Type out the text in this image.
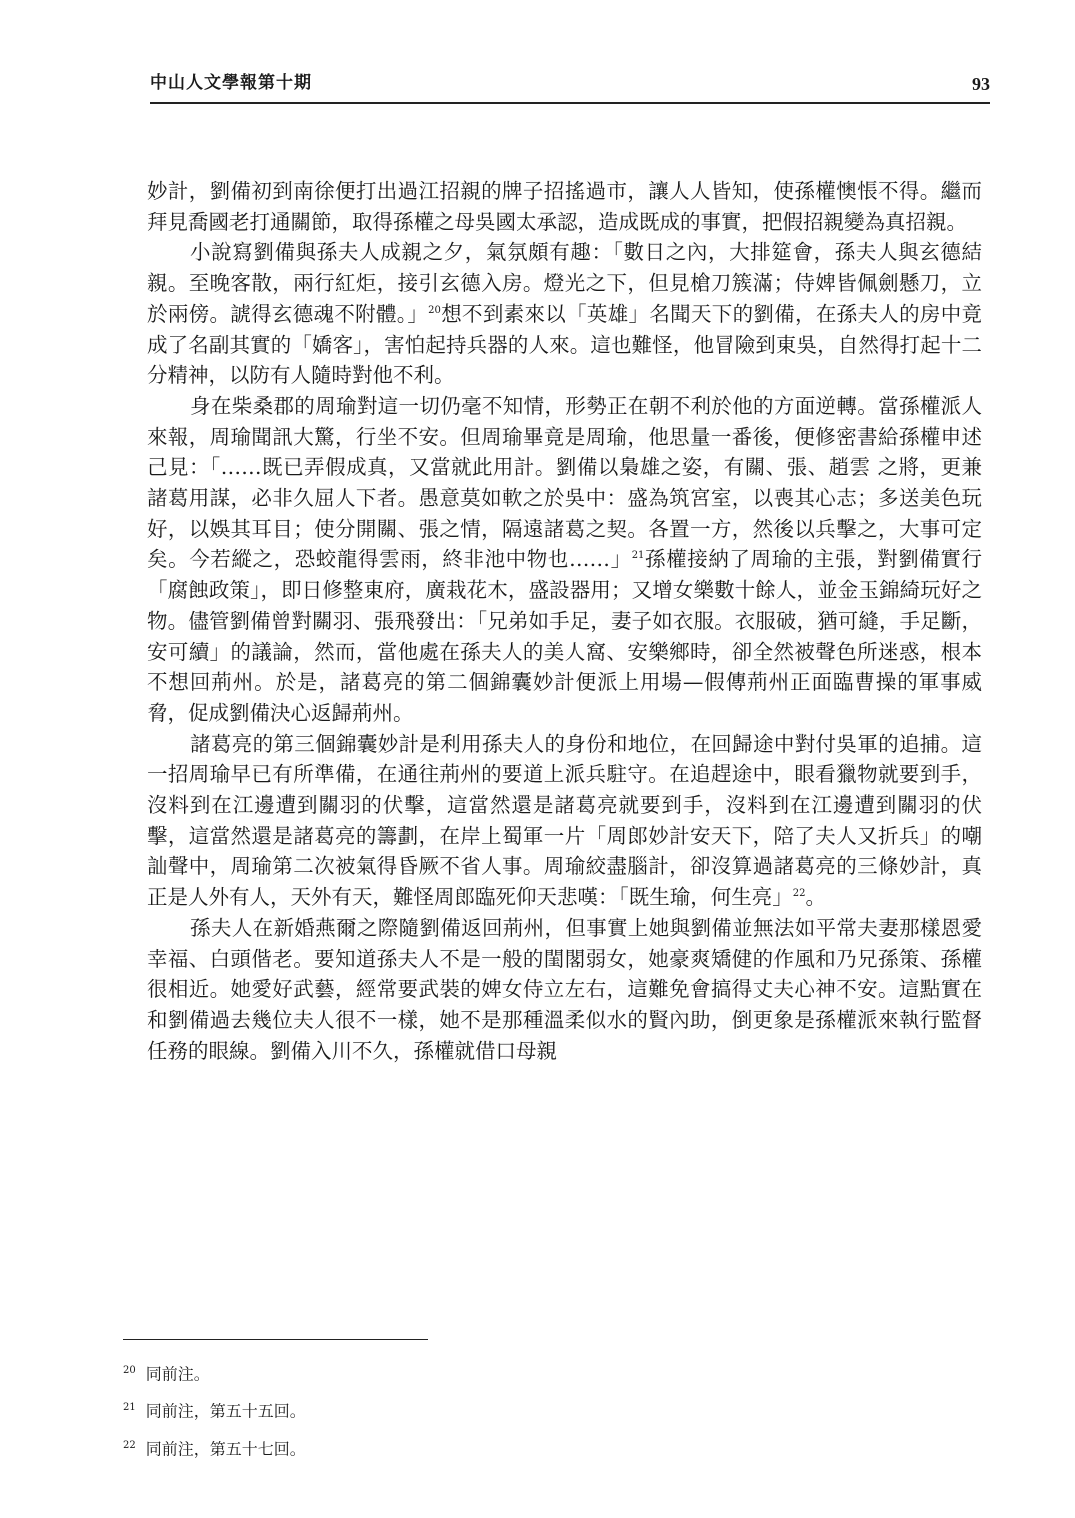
中山人文學報第十期	93

妙計，劉備初到南徐便打出過江招親的牌子招搖過市，讓人人皆知，使孫權懊悵不得。繼而拜見喬國老打通關節，取得孫權之母吳國太承認，造成既成的事實，把假招親變為真招親。

小說寫劉備與孫夫人成親之夕，氣氛頗有趣：「數日之內，大排筵會，孫夫人與玄德結親。至晚客散，兩行紅炬，接引玄德入房。燈光之下，但見槍刀簇滿；侍婢皆佩劍懸刀，立於兩傍。諕得玄德魂不附體。」$^{20}$想不到素來以「英雄」名聞天下的劉備，在孫夫人的房中竟成了名副其實的「嬌客」，害怕起持兵器的人來。這也難怪，他冒險到東吳，自然得打起十二分精神，以防有人隨時對他不利。

身在柴桑郡的周瑜對這一切仍毫不知情，形勢正在朝不利於他的方面逆轉。當孫權派人來報，周瑜聞訊大驚，行坐不安。但周瑜畢竟是周瑜，他思量一番後，便修密書給孫權申述己見：「……既已弄假成真，又當就此用計。劉備以梟雄之姿，有關、張、趙雲 之將，更兼諸葛用謀，必非久屈人下者。愚意莫如軟之於吳中：盛為筑宮室，以喪其心志；多送美色玩好，以娛其耳目；使分開關、張之情，隔遠諸葛之契。各置一方，然後以兵擊之，大事可定矣。今若縱之，恐蛟龍得雲雨，終非池中物也……」$^{21}$孫權接納了周瑜的主張，對劉備實行「腐蝕政策」，即日修整東府，廣栽花木，盛設器用；又增女樂數十餘人，並金玉錦綺玩好之物。儘管劉備曾對關羽、張飛發出：「兄弟如手足，妻子如衣服。衣服破，猶可縫，手足斷，安可續」的議論，然而，當他處在孫夫人的美人窩、安樂鄉時，卻全然被聲色所迷惑，根本不想回荊州。於是，諸葛亮的第二個錦囊妙計便派上用場—假傳荊州正面臨曹操的軍事威脅，促成劉備決心返歸荊州。

諸葛亮的第三個錦囊妙計是利用孫夫人的身份和地位，在回歸途中對付吳軍的追捕。這一招周瑜早已有所準備，在通往荊州的要道上派兵駐守。在追趕途中，眼看獵物就要到手，沒料到在江邊遭到關羽的伏擊，這當然還是諸葛亮就要到手，沒料到在江邊遭到關羽的伏擊，這當然還是諸葛亮的籌劃，在岸上蜀軍一片「周郎妙計安天下，陪了夫人又折兵」的嘲訕聲中，周瑜第二次被氣得昏厥不省人事。周瑜絞盡腦計，卻沒算過諸葛亮的三條妙計，真正是人外有人，天外有天，難怪周郎臨死仰天悲嘆：「既生瑜，何生亮」$^{22}$。

孫夫人在新婚燕爾之際隨劉備返回荊州，但事實上她與劉備並無法如平常夫妻那樣恩愛幸福、白頭偕老。要知道孫夫人不是一般的閨閣弱女，她豪爽矯健的作風和乃兄孫策、孫權很相近。她愛好武藝，經常要武裝的婢女侍立左右，這難免會搞得丈夫心神不安。這點實在和劉備過去幾位夫人很不一樣，她不是那種溫柔似水的賢內助，倒更象是孫權派來執行監督任務的眼線。劉備入川不久，孫權就借口母親

$^{20}$ 同前注。
$^{21}$ 同前注，第五十五回。
$^{22}$ 同前注，第五十七回。
